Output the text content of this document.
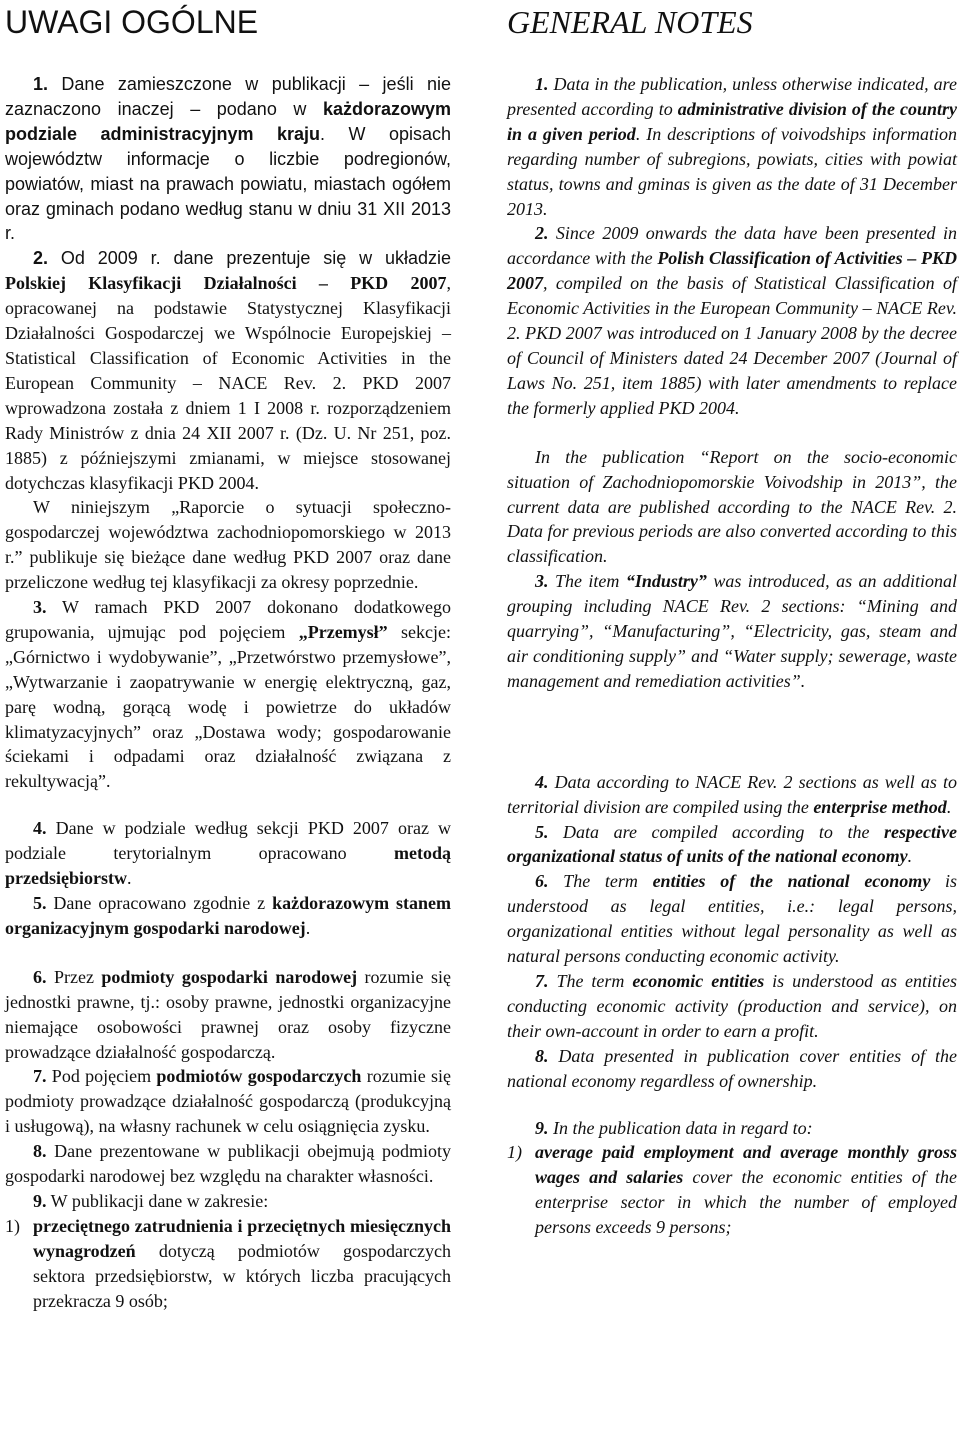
UWAGI OGÓLNE

1. Dane zamieszczone w publikacji – jeśli nie zaznaczono inaczej – podano w każdorazowym podziale administracyjnym kraju. W opisach województw informacje o liczbie podregionów, powiatów, miast na prawach powiatu, miastach ogółem oraz gminach podano według stanu w dniu 31 XII 2013 r.

2. Od 2009 r. dane prezentuje się w układzie Polskiej Klasyfikacji Działalności – PKD 2007, opracowanej na podstawie Statystycznej Klasyfikacji Działalności Gospodarczej we Wspólnocie Europejskiej – Statistical Classification of Economic Activities in the European Community – NACE Rev. 2. PKD 2007 wprowadzona została z dniem 1 I 2008 r. rozporządzeniem Rady Ministrów z dnia 24 XII 2007 r. (Dz. U. Nr 251, poz. 1885) z późniejszymi zmianami, w miejsce stosowanej dotychczas klasyfikacji PKD 2004.

W niniejszym „Raporcie o sytuacji społeczno-gospodarczej województwa zachodniopomorskiego w 2013 r.” publikuje się bieżące dane według PKD 2007 oraz dane przeliczone według tej klasyfikacji za okresy poprzednie.

3. W ramach PKD 2007 dokonano dodatkowego grupowania, ujmując pod pojęciem „Przemysł” sekcje: „Górnictwo i wydobywanie”, „Przetwórstwo przemysłowe”, „Wytwarzanie i zaopatrywanie w energię elektryczną, gaz, parę wodną, gorącą wodę i powietrze do układów klimatyzacyjnych” oraz „Dostawa wody; gospodarowanie ściekami i odpadami oraz działalność związana z rekultywacją”.

4. Dane w podziale według sekcji PKD 2007 oraz w podziale terytorialnym opracowano metodą przedsiębiorstw.

5. Dane opracowano zgodnie z każdorazowym stanem organizacyjnym gospodarki narodowej.

6. Przez podmioty gospodarki narodowej rozumie się jednostki prawne, tj.: osoby prawne, jednostki organizacyjne niemające osobowości prawnej oraz osoby fizyczne prowadzące działalność gospodarczą.

7. Pod pojęciem podmiotów gospodarczych rozumie się podmioty prowadzące działalność gospodarczą (produkcyjną i usługową), na własny rachunek w celu osiągnięcia zysku.

8. Dane prezentowane w publikacji obejmują podmioty gospodarki narodowej bez względu na charakter własności.

9. W publikacji dane w zakresie:

1) przeciętnego zatrudnienia i przeciętnych miesięcznych wynagrodzeń dotyczą podmiotów gospodarczych sektora przedsiębiorstw, w których liczba pracujących przekracza 9 osób;
GENERAL NOTES

1. Data in the publication, unless otherwise indicated, are presented according to administrative division of the country in a given period. In descriptions of voivodships information regarding number of subregions, powiats, cities with powiat status, towns and gminas is given as the date of 31 December 2013.

2. Since 2009 onwards the data have been presented in accordance with the Polish Classification of Activities – PKD 2007, compiled on the basis of Statistical Classification of Economic Activities in the European Community – NACE Rev. 2. PKD 2007 was introduced on 1 January 2008 by the decree of Council of Ministers dated 24 December 2007 (Journal of Laws No. 251, item 1885) with later amendments to replace the formerly applied PKD 2004.

In the publication “Report on the socio-economic situation of Zachodniopomorskie Voivodship in 2013”, the current data are published according to the NACE Rev. 2. Data for previous periods are also converted according to this classification.

3. The item “Industry” was introduced, as an additional grouping including NACE Rev. 2 sections: “Mining and quarrying”, “Manufacturing”, “Electricity, gas, steam and air conditioning supply” and “Water supply; sewerage, waste management and remediation activities”.

4. Data according to NACE Rev. 2 sections as well as to territorial division are compiled using the enterprise method.

5. Data are compiled according to the respective organizational status of units of the national economy.

6. The term entities of the national economy is understood as legal entities, i.e.: legal persons, organizational entities without legal personality as well as natural persons conducting economic activity.

7. The term economic entities is understood as entities conducting economic activity (production and service), on their own-account in order to earn a profit.

8. Data presented in publication cover entities of the national economy regardless of ownership.

9. In the publication data in regard to:

1) average paid employment and average monthly gross wages and salaries cover the economic entities of the enterprise sector in which the number of employed persons exceeds 9 persons;
